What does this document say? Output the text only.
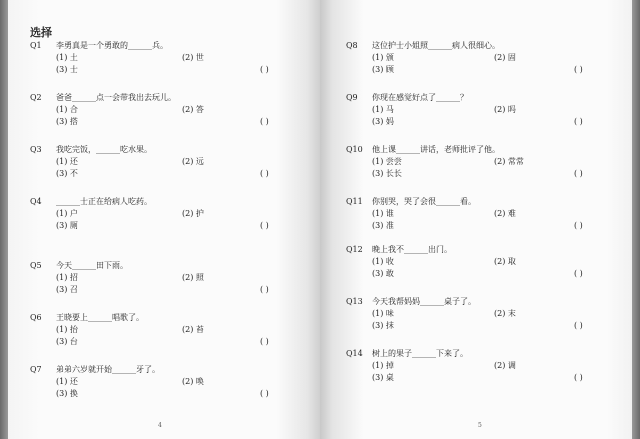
选择
Q1	李勇真是一个勇敢的______兵。
(1) 土	(2) 世
(3) 士	( )
Q2	爸爸______点一会带我出去玩儿。
(1) 合	(2) 答
(3) 搭	( )
Q3	我吃完饭，______吃水果。
(1) 还	(2) 远
(3) 不	( )
Q4	______士正在给病人吃药。
(1) 户	(2) 护
(3) 厕	( )
Q5	今天______田下雨。
(1) 招	(2) 照
(3) 召	( )
Q6	王晓要上______唱歌了。
(1) 抬	(2) 苔
(3) 台	( )
Q7	弟弟六岁就开始______牙了。
(1) 还	(2) 唤
(3) 换	( )
4
Q8	这位护士小姐照______病人很细心。
(1) 颁	(2) 固
(3) 顾	( )
Q9	你现在感觉好点了______？
(1) 马	(2) 吗
(3) 妈	( )
Q10	他上课______讲话，老师批评了他。
(1) 尝尝	(2) 常常
(3) 长长	( )
Q11	你别哭，哭了会很______看。
(1) 谁	(2) 难
(3) 准	( )
Q12	晚上我不______出门。
(1) 收	(2) 取
(3) 敢	( )
Q13	今天我帮妈妈______桌子了。
(1) 味	(2) 末
(3) 抹	( )
Q14	树上的果子______下来了。
(1) 掉	(2) 调
(3) 桌	( )
5
